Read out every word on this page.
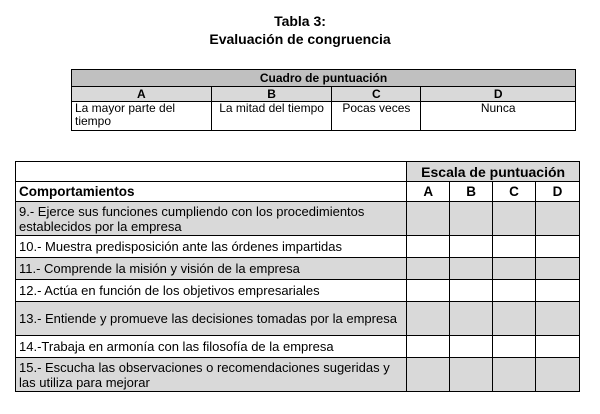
Tabla 3:
Evaluación de congruencia
Cuadro de puntuación			
A	B	C	D
La mayor parte del tiempo	La mitad del tiempo	Pocas veces	Nunca
	Escala de puntuación			
Comportamientos	A	B	C	D
9.- Ejerce sus funciones cumpliendo con los procedimientos establecidos por la empresa				
10.- Muestra predisposición ante las órdenes impartidas				
11.- Comprende la misión y visión de la empresa				
12.- Actúa en función de los objetivos empresariales				
13.- Entiende y promueve las decisiones tomadas por la empresa				
14.-Trabaja en armonía con las filosofía de la empresa				
15.- Escucha las observaciones o recomendaciones sugeridas y las utiliza para mejorar				
